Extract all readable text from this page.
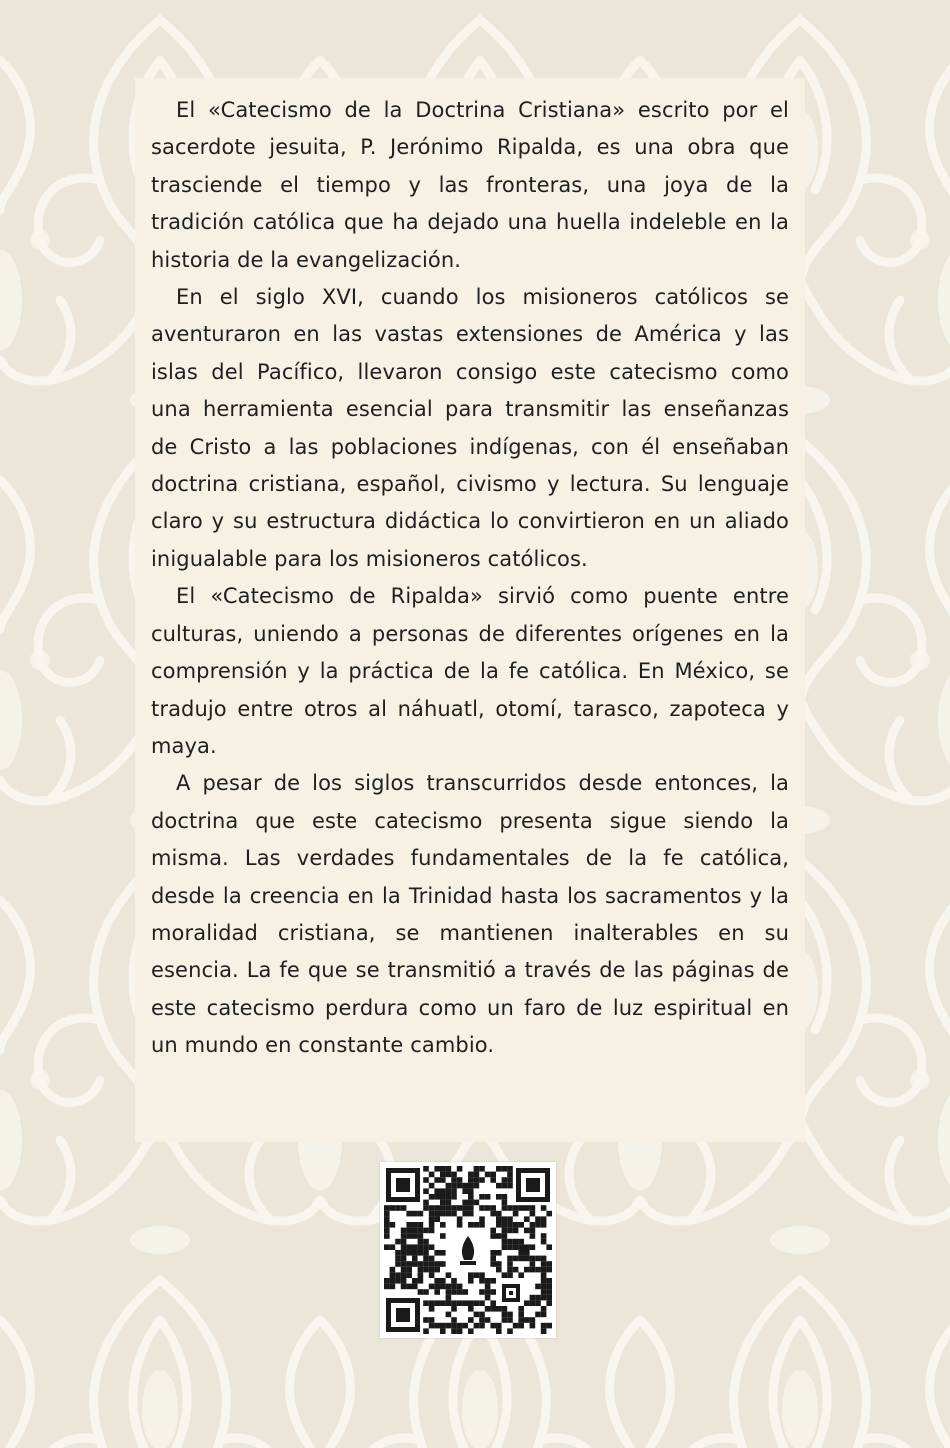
El «Catecismo de la Doctrina Cristiana» escrito por el sacerdote jesuita, P. Jerónimo Ripalda, es una obra que trasciende el tiempo y las fronteras, una joya de la tradición católica que ha dejado una huella indeleble en la historia de la evangelización.

En el siglo XVI, cuando los misioneros católicos se aventuraron en las vastas extensiones de América y las islas del Pacífico, llevaron consigo este catecismo como una herramienta esencial para transmitir las enseñanzas de Cristo a las poblaciones indígenas, con él enseñaban doctrina cristiana, español, civismo y lectura. Su lenguaje claro y su estructura didáctica lo convirtieron en un aliado inigualable para los misioneros católicos.

El «Catecismo de Ripalda» sirvió como puente entre culturas, uniendo a personas de diferentes orígenes en la comprensión y la práctica de la fe católica. En México, se tradujo entre otros al náhuatl, otomí, tarasco, zapoteca y maya.

A pesar de los siglos transcurridos desde entonces, la doctrina que este catecismo presenta sigue siendo la misma. Las verdades fundamentales de la fe católica, desde la creencia en la Trinidad hasta los sacramentos y la moralidad cristiana, se mantienen inalterables en su esencia. La fe que se transmitió a través de las páginas de este catecismo perdura como un faro de luz espiritual en un mundo en constante cambio.
